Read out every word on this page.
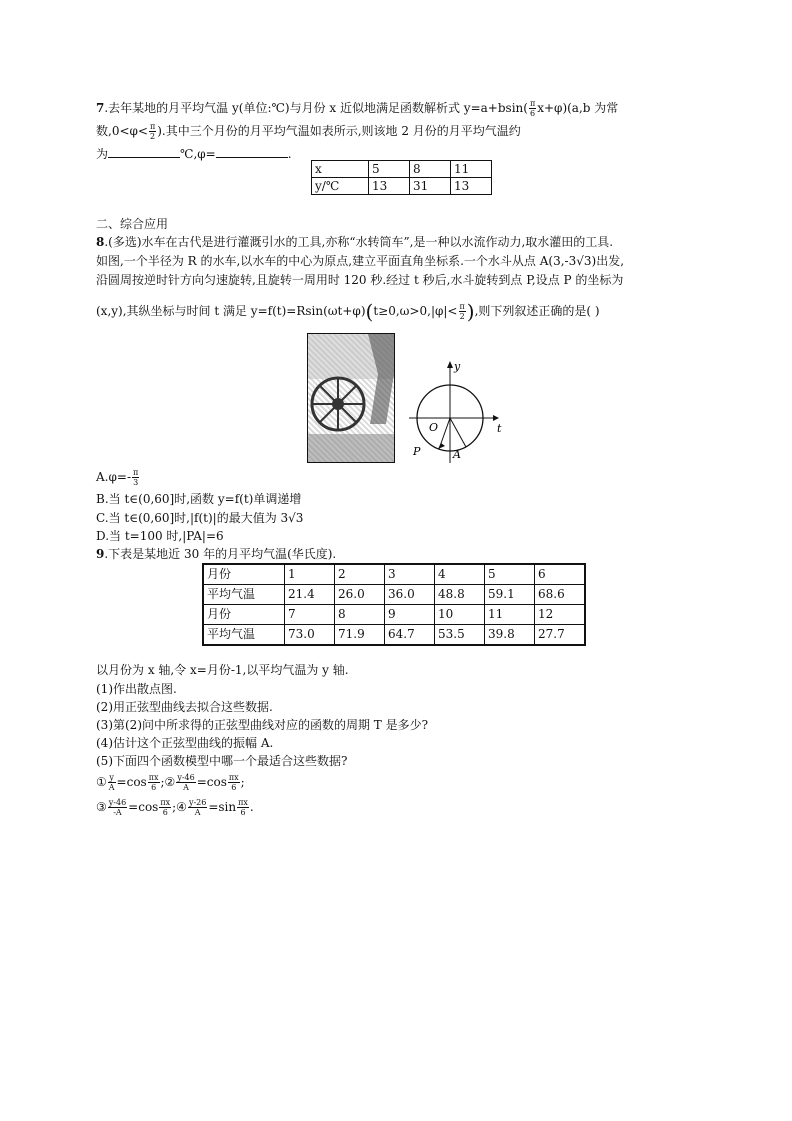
7.去年某地的月平均气温 y(单位:℃)与月份 x 近似地满足函数解析式 $y=a+bsin( \frac{\pi}{6} x+\varphi)(a,b$ 为常
数$,0<\varphi< \frac{\pi}{2}$ ).其中三个月份的月平均气温如表所示,则该地 2 月份的月平均气温约
为	℃,φ=	.
x	5	8	11
y/℃	13	31	13
二、综合应用
8.(多选)水车在古代是进行灌溉引水的工具,亦称“水转筒车”,是一种以水流作动力,取水灌田的工具.
如图,一个半径为 R 的水车,以水车的中心为原点,建立平面直角坐标系.一个水斗从点 A(3,-3√3)出发,
沿圆周按逆时针方向匀速旋转,且旋转一周用时 120 秒.经过 t 秒后,水斗旋转到点 P,设点 P 的坐标为
(x,y),其纵坐标与时间 t 满足 $y=f(t)=Rsin(\omega t+\varphi)(t\ge 0,\omega>0,|\varphi|< \frac{\pi}{2}$ ),则下列叙述正确的是( )
y
t
O
P	A
$A.\varphi=- \frac{\pi}{3}$
B.当 t∈(0,60]时,函数 y=f(t)单调递增
C.当 t∈(0,60]时,|f(t)|的最大值为 3√3
D.当 t=100 时,|PA|=6
9.下表是某地近 30 年的月平均气温(华氏度).
月份	1	2	3	4	5	6
平均气温	21.4	26.0	36.0	48.8	59.1	68.6
月份	7	8	9	10	11	12
平均气温	73.0	71.9	64.7	53.5	39.8	27.7
以月份为 x 轴,令 x=月份-1,以平均气温为 y 轴.
(1)作出散点图.
(2)用正弦型曲线去拟合这些数据.
(3)第(2)问中所求得的正弦型曲线对应的函数的周期 T 是多少?
(4)估计这个正弦型曲线的振幅 A.
(5)下面四个函数模型中哪一个最适合这些数据?
① $\frac{y}{A} =\cos \frac{\pi x}{6}$ ;② $\frac{y-46}{A} =\cos \frac{\pi x}{6}$ ;
③ $\frac{y-46}{-A} =\cos \frac{\pi x}{6}$ ;④ $\frac{y-26}{A} =\sin \frac{\pi x}{6}$ .
